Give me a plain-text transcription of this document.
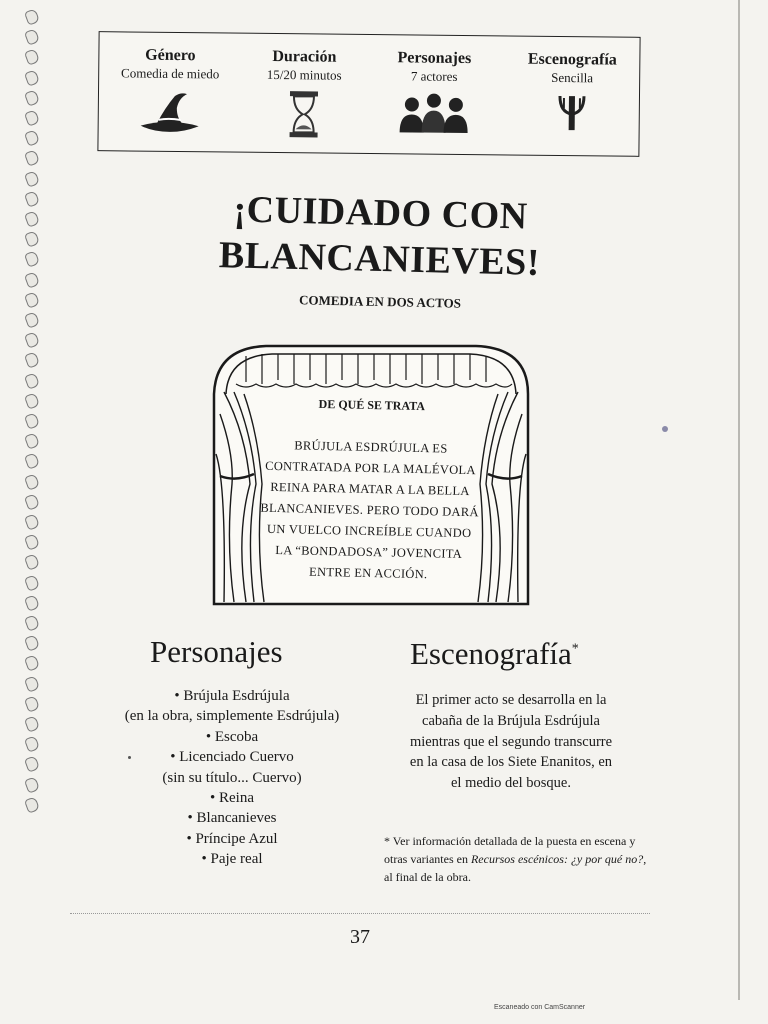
Género
Comedia de miedo
Duración
15/20 minutos
Personajes
7 actores
Escenografía
Sencilla
¡CUIDADO CON
BLANCANIEVES!
COMEDIA EN DOS ACTOS
DE QUÉ SE TRATA
BRÚJULA ESDRÚJULA ES
CONTRATADA POR LA MALÉVOLA
REINA PARA MATAR A LA BELLA
BLANCANIEVES. PERO TODO DARÁ
UN VUELCO INCREÍBLE CUANDO
LA “BONDADOSA” JOVENCITA
ENTRE EN ACCIÓN.
Personajes	Escenografía*
• Brújula Esdrújula
(en la obra, simplemente Esdrújula)
• Escoba
• Licenciado Cuervo
(sin su título... Cuervo)
• Reina
• Blancanieves
• Príncipe Azul
• Paje real
El primer acto se desarrolla en la
cabaña de la Brújula Esdrújula
mientras que el segundo transcurre
en la casa de los Siete Enanitos, en
el medio del bosque.
* Ver información detallada de la puesta en escena y otras variantes en Recursos escénicos: ¿y por qué no?, al final de la obra.
37
Escaneado con CamScanner
